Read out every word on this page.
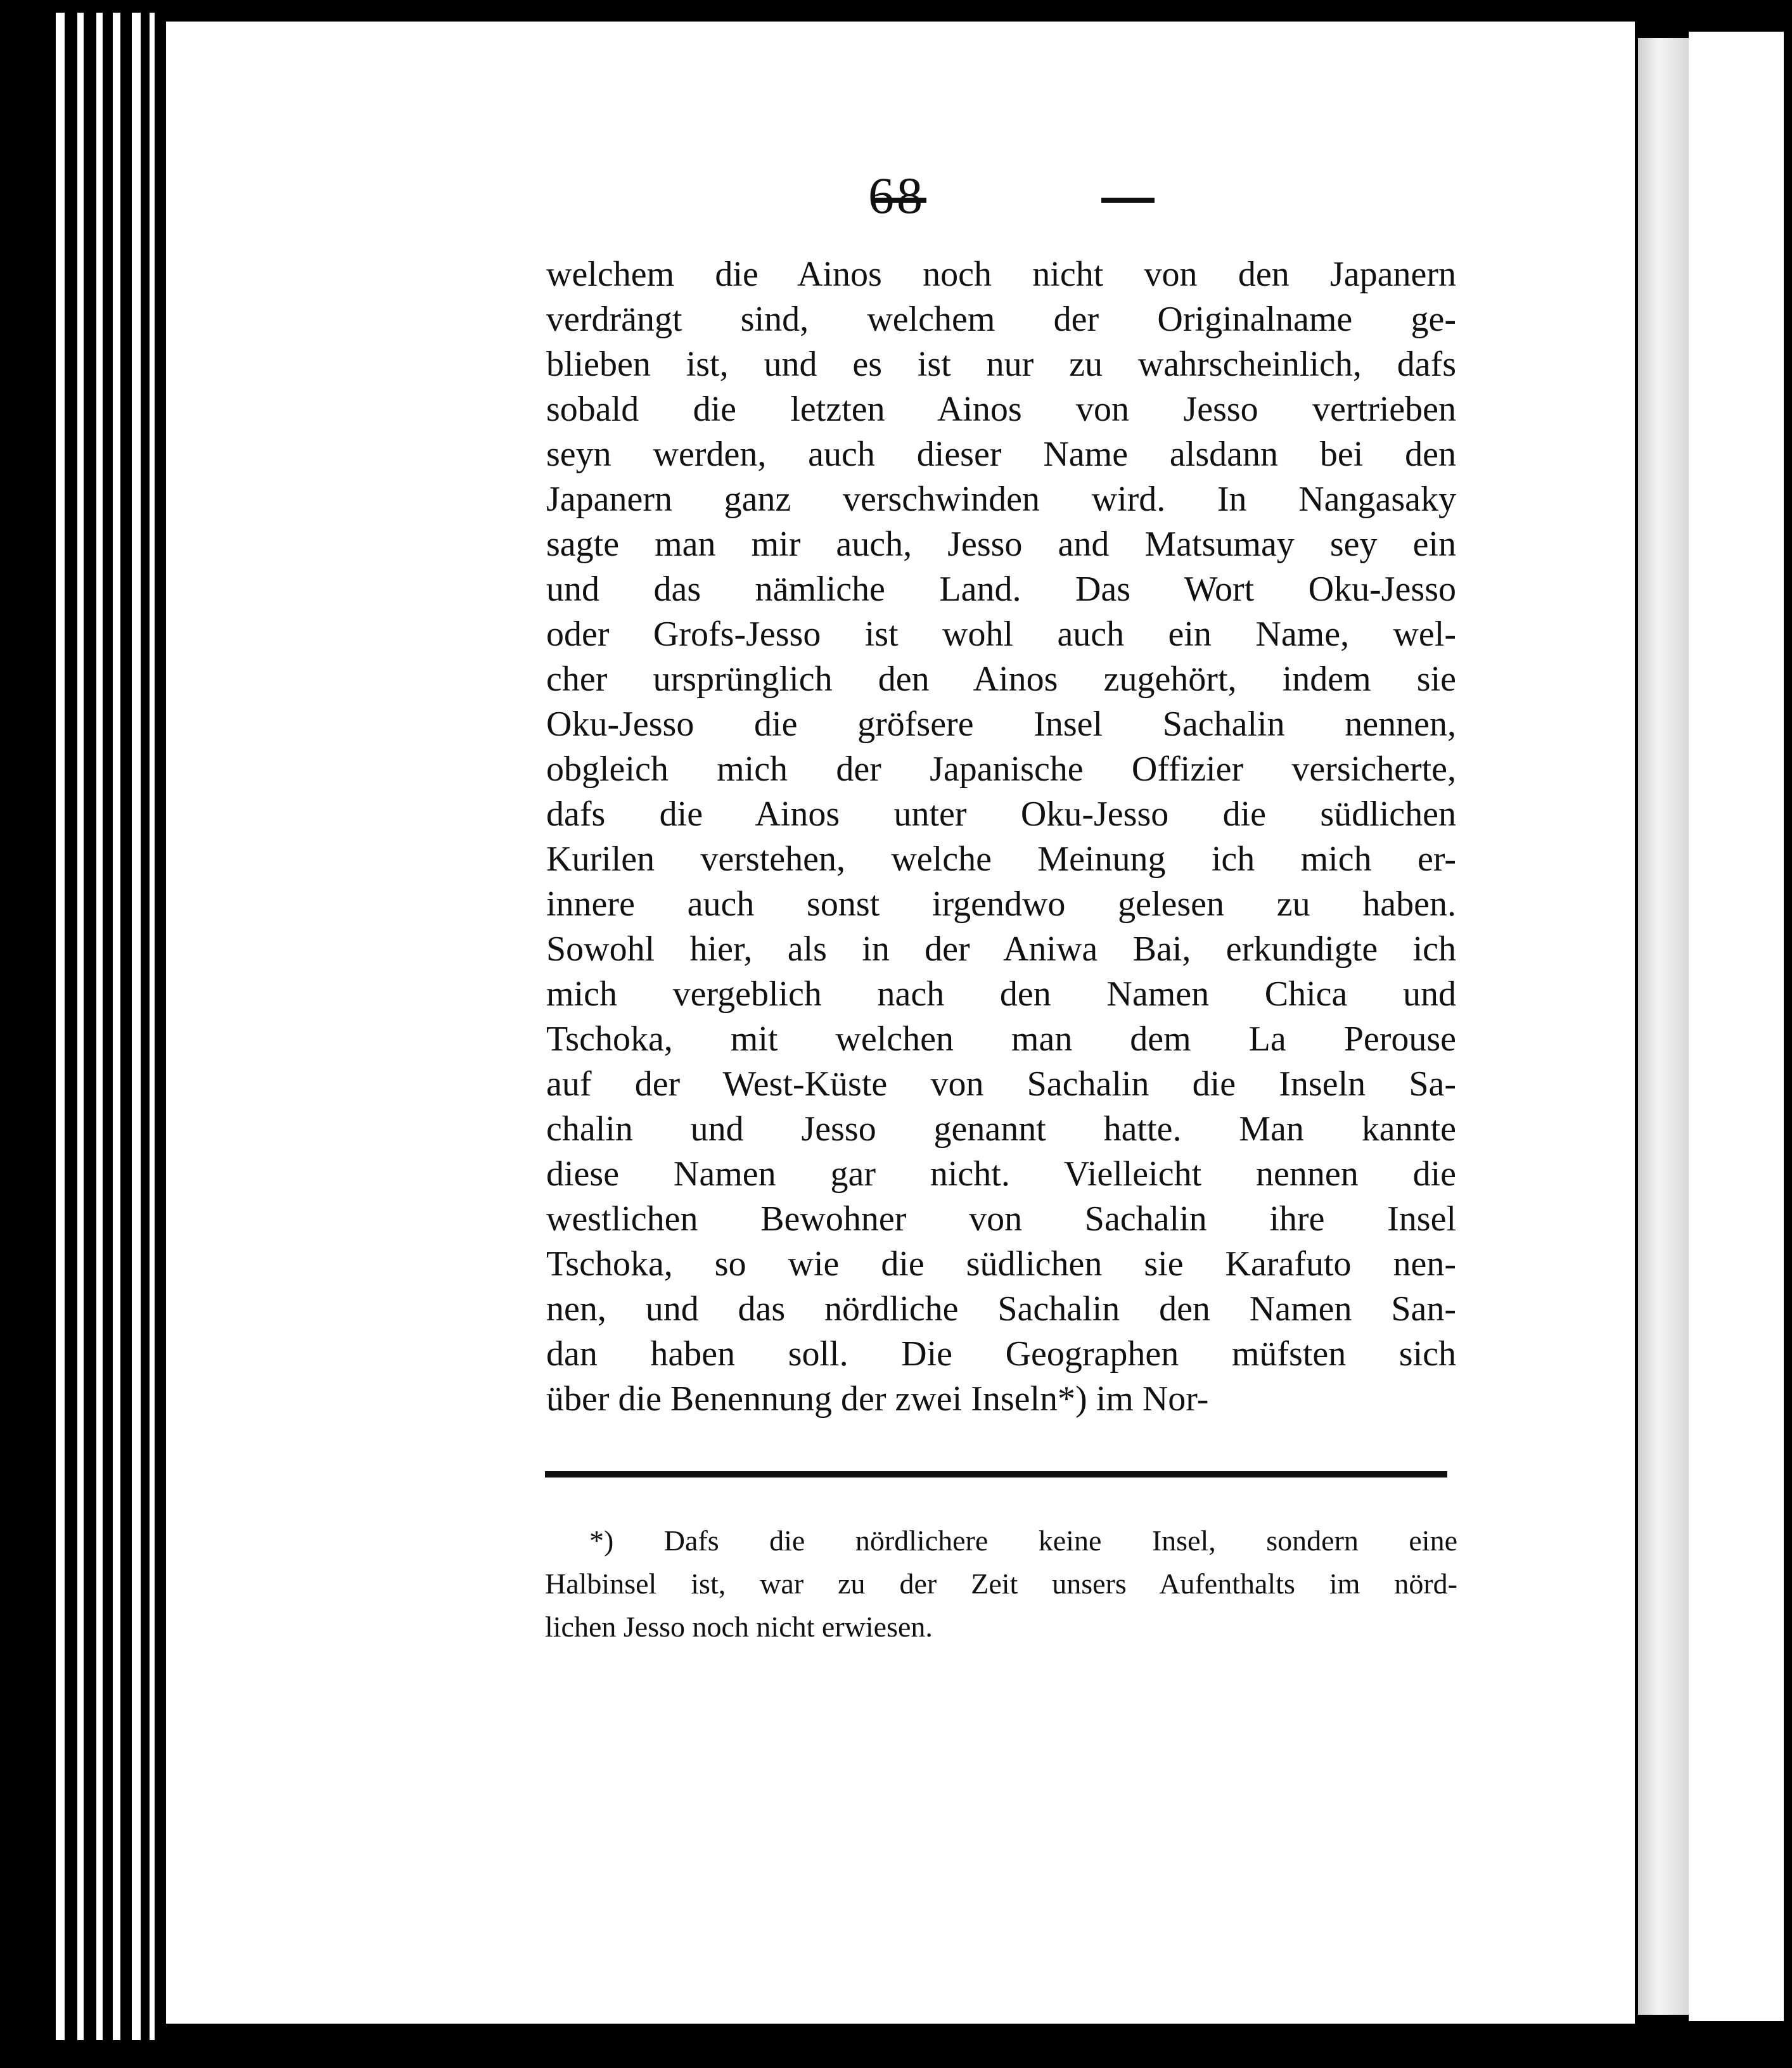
68
welchem die Ainos noch nicht von den Japanern
verdrängt sind, welchem der Originalname ge-
blieben ist, und es ist nur zu wahrscheinlich, dafs
sobald die letzten Ainos von Jesso vertrieben
seyn werden, auch dieser Name alsdann bei den
Japanern ganz verschwinden wird. In Nangasaky
sagte man mir auch, Jesso and Matsumay sey ein
und das nämliche Land. Das Wort Oku-Jesso
oder Grofs-Jesso ist wohl auch ein Name, wel-
cher ursprünglich den Ainos zugehört, indem sie
Oku-Jesso die gröfsere Insel Sachalin nennen,
obgleich mich der Japanische Offizier versicherte,
dafs die Ainos unter Oku-Jesso die südlichen
Kurilen verstehen, welche Meinung ich mich er-
innere auch sonst irgendwo gelesen zu haben.
Sowohl hier, als in der Aniwa Bai, erkundigte ich
mich vergeblich nach den Namen Chica und
Tschoka, mit welchen man dem La Perouse
auf der West-Küste von Sachalin die Inseln Sa-
chalin und Jesso genannt hatte. Man kannte
diese Namen gar nicht. Vielleicht nennen die
westlichen Bewohner von Sachalin ihre Insel
Tschoka, so wie die südlichen sie Karafuto nen-
nen, und das nördliche Sachalin den Namen San-
dan haben soll. Die Geographen müfsten sich
über die Benennung der zwei Inseln*) im Nor-
*) Dafs die nördlichere keine Insel, sondern eine
Halbinsel ist, war zu der Zeit unsers Aufenthalts im nörd-
lichen Jesso noch nicht erwiesen.
